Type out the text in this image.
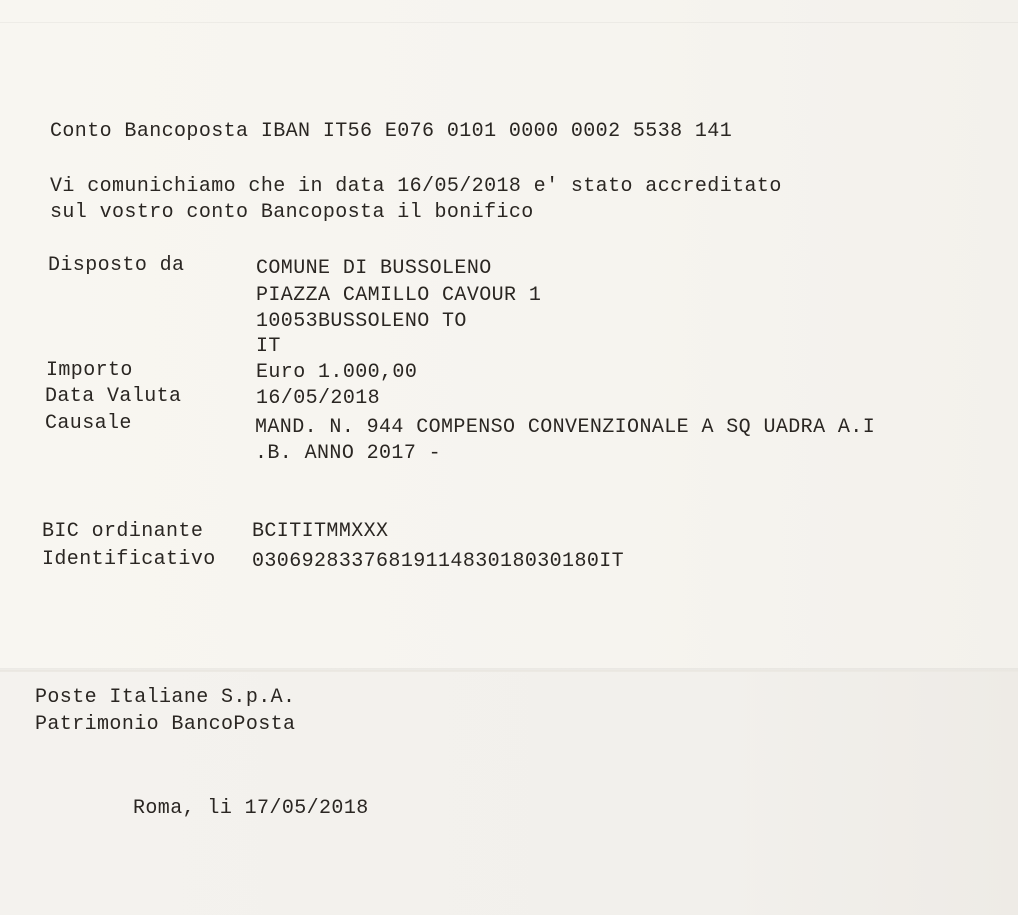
Conto Bancoposta IBAN IT56 E076 0101 0000 0002 5538 141
Vi comunichiamo che in data 16/05/2018 e' stato accreditato
sul vostro conto Bancoposta il bonifico
Disposto da	COMUNE DI BUSSOLENO
PIAZZA CAMILLO CAVOUR 1
10053BUSSOLENO TO
IT
Importo	Euro 1.000,00
Data Valuta	16/05/2018
Causale	MAND. N. 944 COMPENSO CONVENZIONALE A SQ UADRA A.I
.B. ANNO 2017 -
BIC ordinante BCITITMMXXX
Identificativo 0306928337681911483018030180IT
Poste Italiane S.p.A.
Patrimonio BancoPosta
Roma, li 17/05/2018
